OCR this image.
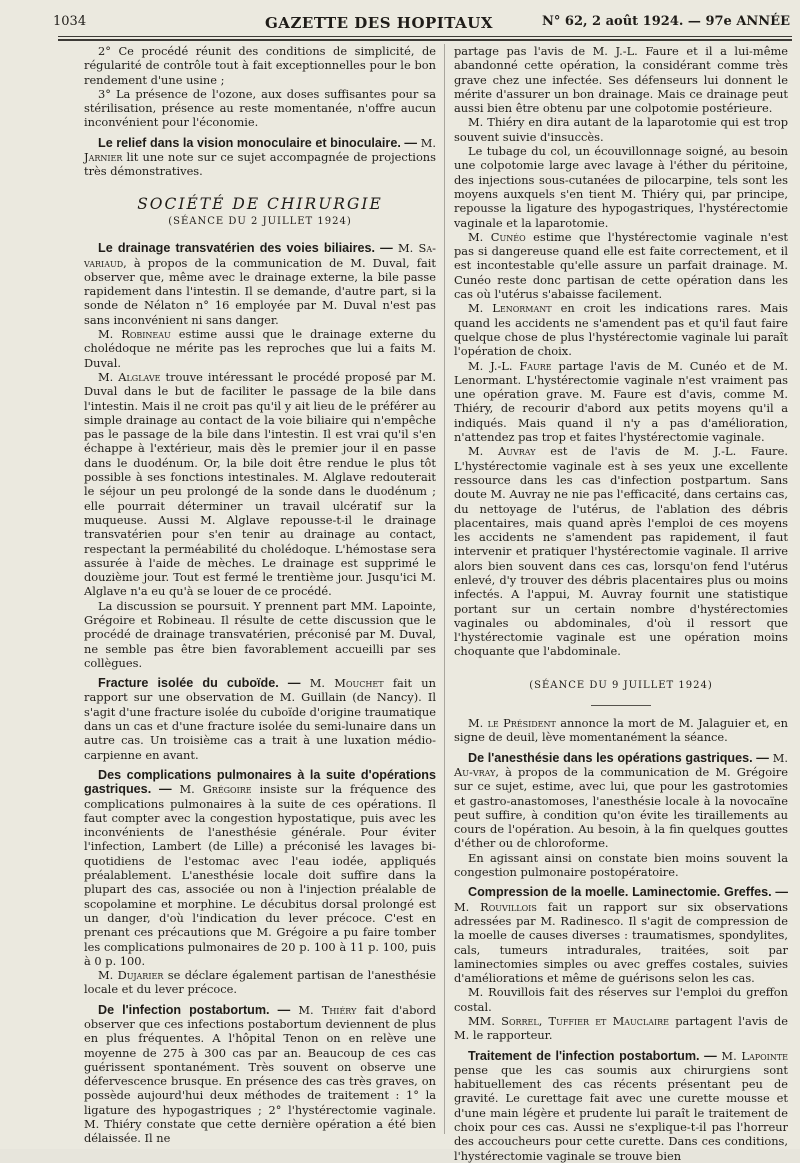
1034	GAZETTE DES HOPITAUX	N° 62, 2 août 1924. — 97e ANNÉE

2° Ce procédé réunit des conditions de simplicité, de régularité de contrôle tout à fait exceptionnelles pour le bon rendement d'une usine ;

3° La présence de l'ozone, aux doses suffisantes pour sa stérilisation, présence au reste momentanée, n'offre aucun inconvénient pour l'économie.

Le relief dans la vision monoculaire et binoculaire. — M. Jarnier lit une note sur ce sujet accompagnée de projections très démonstratives.

SOCIÉTÉ DE CHIRURGIE

(SÉANCE DU 2 JUILLET 1924)

Le drainage transvatérien des voies biliaires. — M. Sa-variaud, à propos de la communication de M. Duval, fait observer que, même avec le drainage externe, la bile passe rapidement dans l'intestin. Il se demande, d'autre part, si la sonde de Nélaton n° 16 employée par M. Duval n'est pas sans inconvénient ni sans danger.

M. Robineau estime aussi que le drainage externe du cholédoque ne mérite pas les reproches que lui a faits M. Duval.

M. Alglave trouve intéressant le procédé proposé par M. Duval dans le but de faciliter le passage de la bile dans l'intestin. Mais il ne croit pas qu'il y ait lieu de le préférer au simple drainage au contact de la voie biliaire qui n'empêche pas le passage de la bile dans l'intestin. Il est vrai qu'il s'en échappe à l'extérieur, mais dès le premier jour il en passe dans le duodénum. Or, la bile doit être rendue le plus tôt possible à ses fonctions intestinales. M. Alglave redouterait le séjour un peu prolongé de la sonde dans le duodénum ; elle pourrait déterminer un travail ulcératif sur la muqueuse. Aussi M. Alglave repousse-t-il le drainage transvatérien pour s'en tenir au drainage au contact, respectant la perméabilité du cholédoque. L'hémostase sera assurée à l'aide de mèches. Le drainage est supprimé le douzième jour. Tout est fermé le trentième jour. Jusqu'ici M. Alglave n'a eu qu'à se louer de ce procédé.

La discussion se poursuit. Y prennent part MM. Lapointe, Grégoire et Robineau. Il résulte de cette discussion que le procédé de drainage transvatérien, préconisé par M. Duval, ne semble pas être bien favorablement accueilli par ses collègues.

Fracture isolée du cuboïde. — M. Mouchet fait un rapport sur une observation de M. Guillain (de Nancy). Il s'agit d'une fracture isolée du cuboïde d'origine traumatique dans un cas et d'une fracture isolée du semi-lunaire dans un autre cas. Un troisième cas a trait à une luxation médio-carpienne en avant.

Des complications pulmonaires à la suite d'opérations gastriques. — M. Grégoire insiste sur la fréquence des complications pulmonaires à la suite de ces opérations. Il faut compter avec la congestion hypostatique, puis avec les inconvénients de l'anesthésie générale. Pour éviter l'infection, Lambert (de Lille) a préconisé les lavages bi-quotidiens de l'estomac avec l'eau iodée, appliqués préalablement. L'anesthésie locale doit suffire dans la plupart des cas, associée ou non à l'injection préalable de scopolamine et morphine. Le décubitus dorsal prolongé est un danger, d'où l'indication du lever précoce. C'est en prenant ces précautions que M. Grégoire a pu faire tomber les complications pulmonaires de 20 p. 100 à 11 p. 100, puis à 0 p. 100.

M. Dujarier se déclare également partisan de l'anesthésie locale et du lever précoce.

De l'infection postabortum. — M. Thiéry fait d'abord observer que ces infections postabortum deviennent de plus en plus fréquentes. A l'hôpital Tenon on en relève une moyenne de 275 à 300 cas par an. Beaucoup de ces cas guérissent spontanément. Très souvent on observe une défervescence brusque. En présence des cas très graves, on possède aujourd'hui deux méthodes de traitement : 1° la ligature des hypogastriques ; 2° l'hystérectomie vaginale. M. Thiéry constate que cette dernière opération a été bien délaissée. Il ne

partage pas l'avis de M. J.-L. Faure et il a lui-même abandonné cette opération, la considérant comme très grave chez une infectée. Ses défenseurs lui donnent le mérite d'assurer un bon drainage. Mais ce drainage peut aussi bien être obtenu par une colpotomie postérieure.

M. Thiéry en dira autant de la laparotomie qui est trop souvent suivie d'insuccès.

Le tubage du col, un écouvillonnage soigné, au besoin une colpotomie large avec lavage à l'éther du péritoine, des injections sous-cutanées de pilocarpine, tels sont les moyens auxquels s'en tient M. Thiéry qui, par principe, repousse la ligature des hypogastriques, l'hystérectomie vaginale et la laparotomie.

M. Cunéo estime que l'hystérectomie vaginale n'est pas si dangereuse quand elle est faite correctement, et il est incontestable qu'elle assure un parfait drainage. M. Cunéo reste donc partisan de cette opération dans les cas où l'utérus s'abaisse facilement.

M. Lenormant en croit les indications rares. Mais quand les accidents ne s'amendent pas et qu'il faut faire quelque chose de plus l'hystérectomie vaginale lui paraît l'opération de choix.

M. J.-L. Faure partage l'avis de M. Cunéo et de M. Lenormant. L'hystérectomie vaginale n'est vraiment pas une opération grave. M. Faure est d'avis, comme M. Thiéry, de recourir d'abord aux petits moyens qu'il a indiqués. Mais quand il n'y a pas d'amélioration, n'attendez pas trop et faites l'hystérectomie vaginale.

M. Auvray est de l'avis de M. J.-L. Faure. L'hystérectomie vaginale est à ses yeux une excellente ressource dans les cas d'infection postpartum. Sans doute M. Auvray ne nie pas l'efficacité, dans certains cas, du nettoyage de l'utérus, de l'ablation des débris placentaires, mais quand après l'emploi de ces moyens les accidents ne s'amendent pas rapidement, il faut intervenir et pratiquer l'hystérectomie vaginale. Il arrive alors bien souvent dans ces cas, lorsqu'on fend l'utérus enlevé, d'y trouver des débris placentaires plus ou moins infectés. A l'appui, M. Auvray fournit une statistique portant sur un certain nombre d'hystérectomies vaginales ou abdominales, d'où il ressort que l'hystérectomie vaginale est une opération moins choquante que l'abdominale.

(SÉANCE DU 9 JUILLET 1924)

M. le Président annonce la mort de M. Jalaguier et, en signe de deuil, lève momentanément la séance.

De l'anesthésie dans les opérations gastriques. — M. Au-vray, à propos de la communication de M. Grégoire sur ce sujet, estime, avec lui, que pour les gastrotomies et gastro-anastomoses, l'anesthésie locale à la novocaïne peut suffire, à condition qu'on évite les tiraillements au cours de l'opération. Au besoin, à la fin quelques gouttes d'éther ou de chloroforme.

En agissant ainsi on constate bien moins souvent la congestion pulmonaire postopératoire.

Compression de la moelle. Laminectomie. Greffes. — M. Rouvillois fait un rapport sur six observations adressées par M. Radinesco. Il s'agit de compression de la moelle de causes diverses : traumatismes, spondylites, cals, tumeurs intradurales, traitées, soit par laminectomies simples ou avec greffes costales, suivies d'améliorations et même de guérisons selon les cas.

M. Rouvillois fait des réserves sur l'emploi du greffon costal.

MM. Sorrel, Tuffier et Mauclaire partagent l'avis de M. le rapporteur.

Traitement de l'infection postabortum. — M. Lapointe pense que les cas soumis aux chirurgiens sont habituellement des cas récents présentant peu de gravité. Le curettage fait avec une curette mousse et d'une main légère et prudente lui paraît le traitement de choix pour ces cas. Aussi ne s'explique-t-il pas l'horreur des accoucheurs pour cette curette. Dans ces conditions, l'hystérectomie vaginale se trouve bien
